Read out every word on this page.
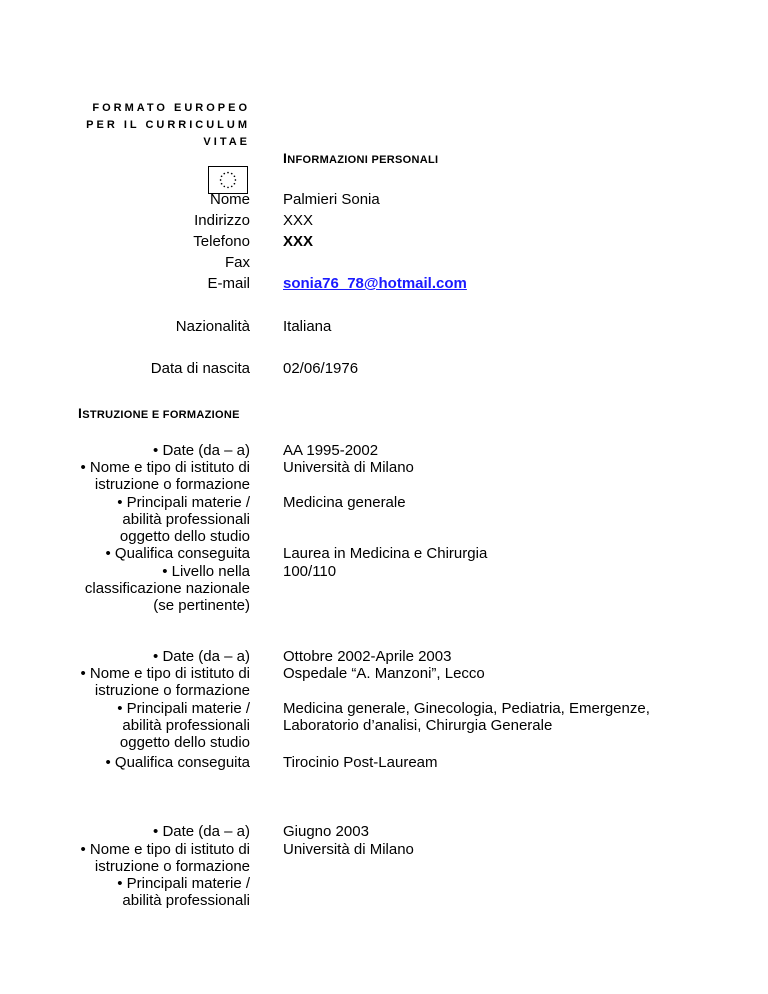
FORMATO EUROPEO
PER IL CURRICULUM
VITAE
INFORMAZIONI PERSONALI
Nome Palmieri Sonia
Indirizzo XXX
Telefono XXX
Fax
E-mail sonia76_78@hotmail.com
Nazionalità Italiana
Data di nascita 02/06/1976
ISTRUZIONE E FORMAZIONE
• Date (da – a) AA 1995-2002
• Nome e tipo di istituto di Università di Milano
istruzione o formazione
• Principali materie / Medicina generale
abilità professionali
oggetto dello studio
• Qualifica conseguita Laurea in Medicina e Chirurgia
• Livello nella 100/110
classificazione nazionale
(se pertinente)
• Date (da – a) Ottobre 2002-Aprile 2003
• Nome e tipo di istituto di Ospedale “A. Manzoni”, Lecco
istruzione o formazione
• Principali materie / Medicina generale, Ginecologia, Pediatria, Emergenze,
abilità professionali Laboratorio d’analisi, Chirurgia Generale
oggetto dello studio
• Qualifica conseguita Tirocinio Post-Lauream
• Date (da – a) Giugno 2003
• Nome e tipo di istituto di Università di Milano
istruzione o formazione
• Principali materie /
abilità professionali
